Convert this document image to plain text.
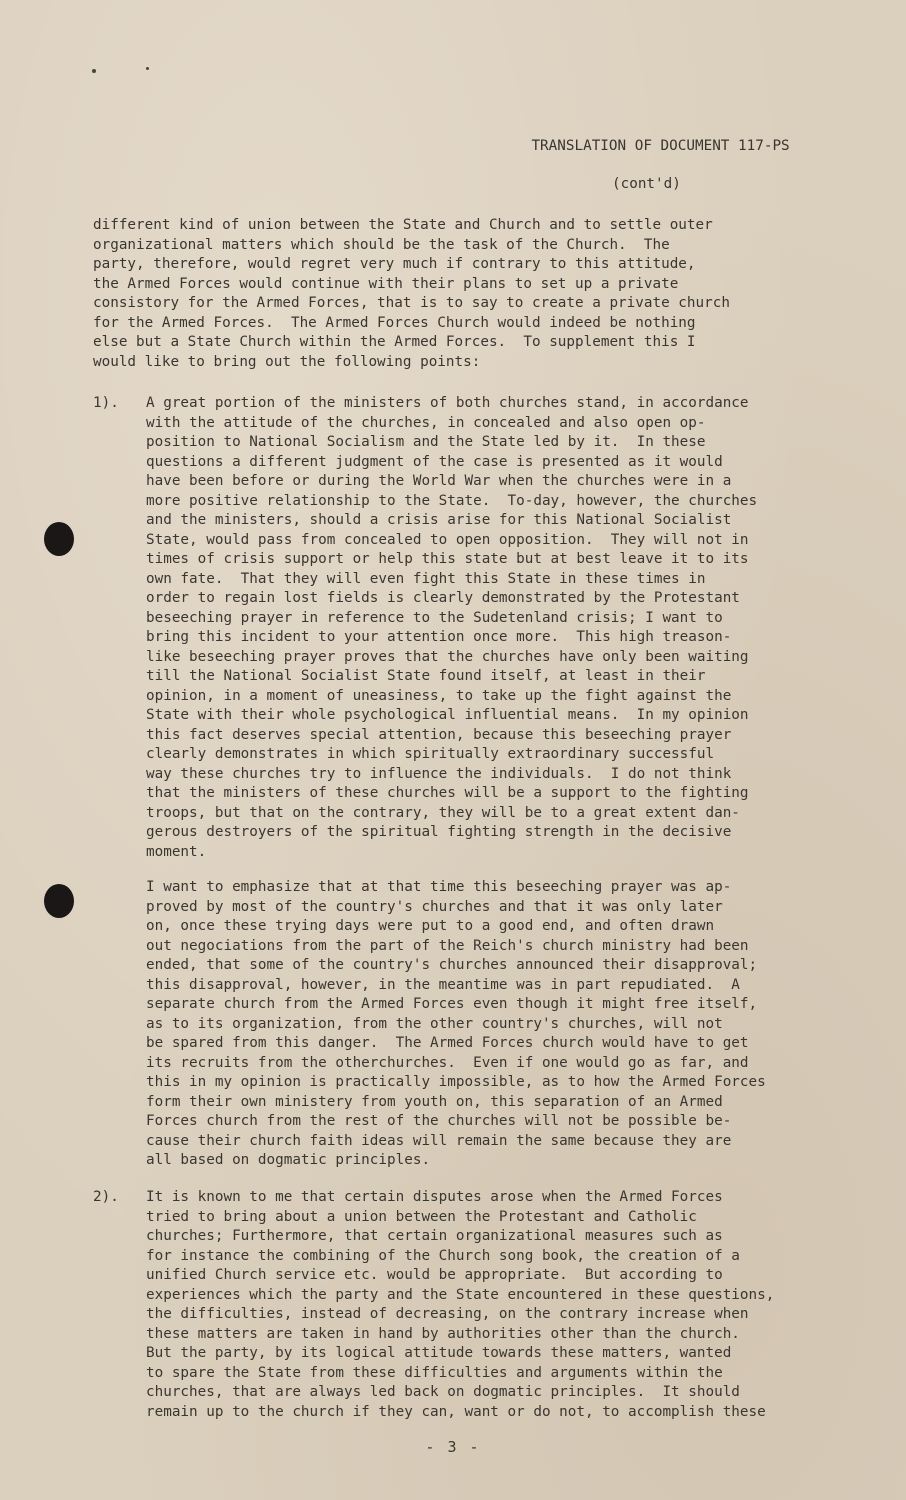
TRANSLATION OF DOCUMENT 117-PS

(cont'd)

different kind of union between the State and Church and to settle outer
organizational matters which should be the task of the Church.  The
party, therefore, would regret very much if contrary to this attitude,
the Armed Forces would continue with their plans to set up a private
consistory for the Armed Forces, that is to say to create a private church
for the Armed Forces.  The Armed Forces Church would indeed be nothing
else but a State Church within the Armed Forces.  To supplement this I
would like to bring out the following points:
1). A great portion of the ministers of both churches stand, in accordance
with the attitude of the churches, in concealed and also open op-
position to National Socialism and the State led by it.  In these
questions a different judgment of the case is presented as it would
have been before or during the World War when the churches were in a
more positive relationship to the State.  To-day, however, the churches
and the ministers, should a crisis arise for this National Socialist
State, would pass from concealed to open opposition.  They will not in
times of crisis support or help this state but at best leave it to its
own fate.  That they will even fight this State in these times in
order to regain lost fields is clearly demonstrated by the Protestant
beseeching prayer in reference to the Sudetenland crisis; I want to
bring this incident to your attention once more.  This high treason-
like beseeching prayer proves that the churches have only been waiting
till the National Socialist State found itself, at least in their
opinion, in a moment of uneasiness, to take up the fight against the
State with their whole psychological influential means.  In my opinion
this fact deserves special attention, because this beseeching prayer
clearly demonstrates in which spiritually extraordinary successful
way these churches try to influence the individuals.  I do not think
that the ministers of these churches will be a support to the fighting
troops, but that on the contrary, they will be to a great extent dan-
gerous destroyers of the spiritual fighting strength in the decisive
moment.
I want to emphasize that at that time this beseeching prayer was ap-
proved by most of the country's churches and that it was only later
on, once these trying days were put to a good end, and often drawn
out negociations from the part of the Reich's church ministry had been
ended, that some of the country's churches announced their disapproval;
this disapproval, however, in the meantime was in part repudiated.  A
separate church from the Armed Forces even though it might free itself,
as to its organization, from the other country's churches, will not
be spared from this danger.  The Armed Forces church would have to get
its recruits from the otherchurches.  Even if one would go as far, and
this in my opinion is practically impossible, as to how the Armed Forces
form their own ministery from youth on, this separation of an Armed
Forces church from the rest of the churches will not be possible be-
cause their church faith ideas will remain the same because they are
all based on dogmatic principles.
2). It is known to me that certain disputes arose when the Armed Forces
tried to bring about a union between the Protestant and Catholic
churches; Furthermore, that certain organizational measures such as
for instance the combining of the Church song book, the creation of a
unified Church service etc. would be appropriate.  But according to
experiences which the party and the State encountered in these questions,
the difficulties, instead of decreasing, on the contrary increase when
these matters are taken in hand by authorities other than the church.
But the party, by its logical attitude towards these matters, wanted
to spare the State from these difficulties and arguments within the
churches, that are always led back on dogmatic principles.  It should
remain up to the church if they can, want or do not, to accomplish these
- 3 -
